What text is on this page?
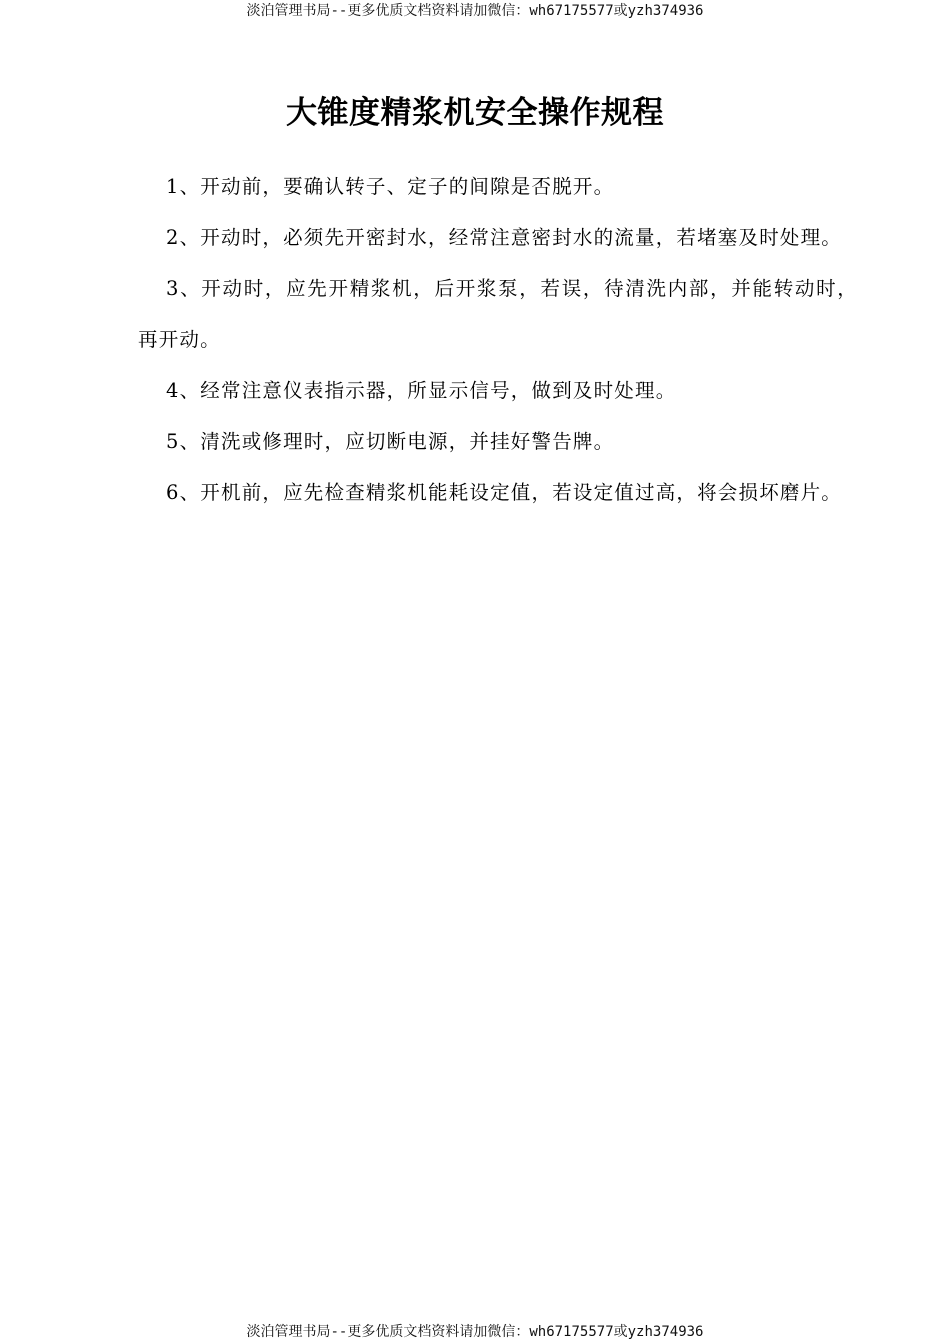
淡泊管理书局--更多优质文档资料请加微信：wh67175577或yzh374936
大锥度精浆机安全操作规程

1、开动前，要确认转子、定子的间隙是否脱开。

2、开动时，必须先开密封水，经常注意密封水的流量，若堵塞及时处理。

3、开动时，应先开精浆机，后开浆泵，若误，待清洗内部，并能转动时， 再开动。

4、经常注意仪表指示器，所显示信号，做到及时处理。

5、清洗或修理时，应切断电源，并挂好警告牌。

6、开机前，应先检查精浆机能耗设定值，若设定值过高，将会损坏磨片。

淡泊管理书局--更多优质文档资料请加微信：wh67175577或yzh374936
